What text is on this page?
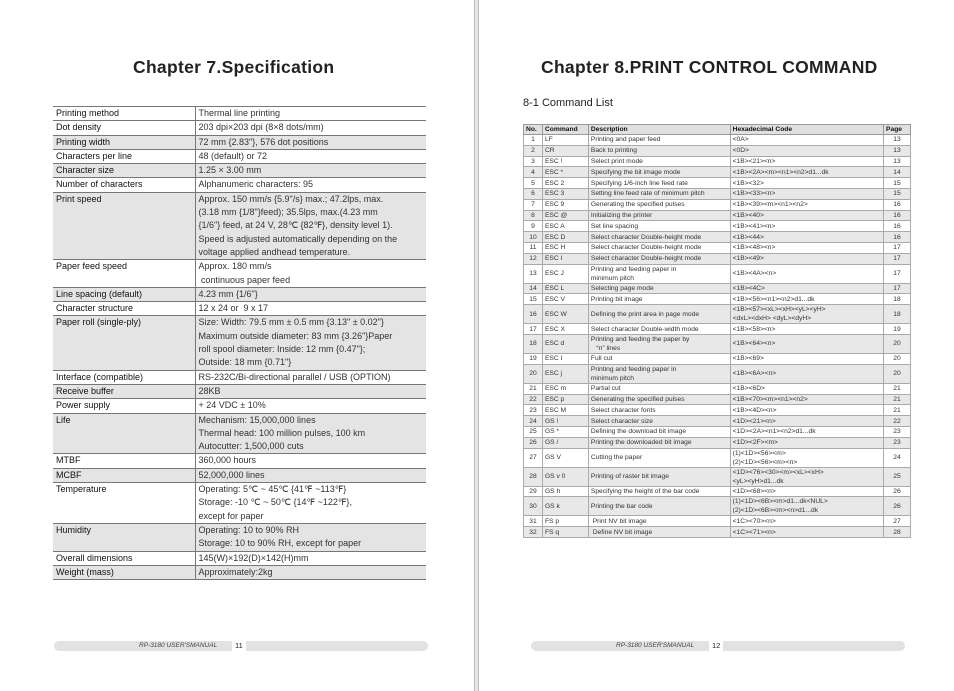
Chapter 7.Specification
Printing method	Thermal line printing

Dot density	203 dpi×203 dpi (8×8 dots/mm)

Printing width	72 mm {2.83"}, 576 dot positions

Characters per line	48 (default) or 72

Character size	1.25 × 3.00 mm

Number of characters	Alphanumeric characters: 95

Print speed	Approx. 150 mm/s {5.9"/s} max.; 47.2lps, max.
(3.18 mm {1/8"}feed); 35.5lps, max.(4.23 mm
{1/6"} feed, at 24 V, 28℃ {82℉}, density level 1).
Speed is adjusted automatically depending on the
voltage applied andhead temperature.

Paper feed speed	Approx. 180 mm/s
continuous paper feed

Line spacing (default)	4.23 mm {1/6"}

Character structure	12 x 24 or  9 x 17

Paper roll (single-ply)	Size: Width: 79.5 mm ± 0.5 mm {3.13" ± 0.02"}
Maximum outside diameter: 83 mm {3.26"}Paper
roll spool diameter: Inside: 12 mm {0.47"};
Outside: 18 mm {0.71"}

Interface (compatible)	RS-232C/Bi-directional parallel / USB (OPTION)

Receive buffer	28KB

Power supply	+ 24 VDC ± 10%

Life	Mechanism: 15,000,000 lines
Thermal head: 100 million pulses, 100 km
Autocutter: 1,500,000 cuts

MTBF	360,000 hours

MCBF	52,000,000 lines

Temperature	Operating: 5℃ ~ 45℃ {41℉ ~113℉}
Storage: -10 ℃ ~ 50℃ {14℉ ~122℉},
except for paper

Humidity	Operating: 10 to 90% RH
Storage: 10 to 90% RH, except for paper

Overall dimensions	145(W)×192(D)×142(H)mm

Weight (mass)	Approximately:2kg
RP-3180 USER'SMANUAL	11
Chapter 8.PRINT CONTROL COMMAND
8-1 Command List
No.	Command	Description	Hexadecimal Code	Page
1	LF	Printing and paper feed	<0A>	13
2	CR	Back to printing	<0D>	13
3	ESC !	Select print mode	<1B><21><n>	13
4	ESC *	Specifying the bit image mode	<1B><2A><m><n1><n2>d1...dk	14
5	ESC 2	Specifying 1/6-inch line feed rate	<1B><32>	15
6	ESC 3	Setting line feed rate of minimum pitch	<1B><33><n>	15
7	ESC 9	Generating the specified pulses	<1B><39><m><n1><n2>	16
8	ESC @	Initializing the printer	<1B><40>	16
9	ESC A	Set line spacing	<1B><41><n>	16
10	ESC D	Select character Double-height mode	<1B><44>	16
11	ESC H	Select character Double-height mode	<1B><48><n>	17
12	ESC I	Select character Double-height mode	<1B><49>	17
13	ESC J	Printing and feeding paper in
minimum pitch	<1B><4A><n>	17
14	ESC L	Selecting page mode	<1B><4C>	17
15	ESC V	Printing bit image	<1B><56><n1><n2>d1...dk	18
16	ESC W	Defining the print area in page mode	<1B><57><xL><xH><yL><yH>
<dxL><dxH> <dyL><dyH>	18
17	ESC X	Select character Double-width mode	<1B><58><n>	19
18	ESC d	Printing and feeding the paper by
“n” lines	<1B><64><n>	20
19	ESC I	Full cut	<1B><69>	20
20	ESC j	Printing and feeding paper in
minimum pitch	<1B><6A><n>	20
21	ESC m	Partial cut	<1B><6D>	21
22	ESC p	Generating the specified pulses	<1B><70><m><n1><n2>	21
23	ESC M	Select character fonts	<1B><4D><n>	21
24	GS !	Select character size	<1D><21><n>	22
25	GS *	Defining the download bit image	<1D><2A><n1><n2>d1...dk	23
26	GS /	Printing the downloaded bit image	<1D><2F><m>	23
27	GS V	Cutting the paper	(1)<1D><56><m>
(2)<1D><56><m><n>	24
28	GS v 0	Printing of raster bit image	<1D><76><30><m><xL><xH>
<yL><yH>d1...dk	25
29	GS h	Specifying the height of the bar code	<1D><68><n>	26
30	GS k	Printing the bar code	(1)<1D><6B><m>d1...dk<NUL>
(2)<1D><6B><m><n>d1...dk	26
31	FS p	Print NV bit image	<1C><70><n>	27
32	FS q	Define NV bit image	<1C><71><n>	28
RP-3180 USER'SMANUAL	12
